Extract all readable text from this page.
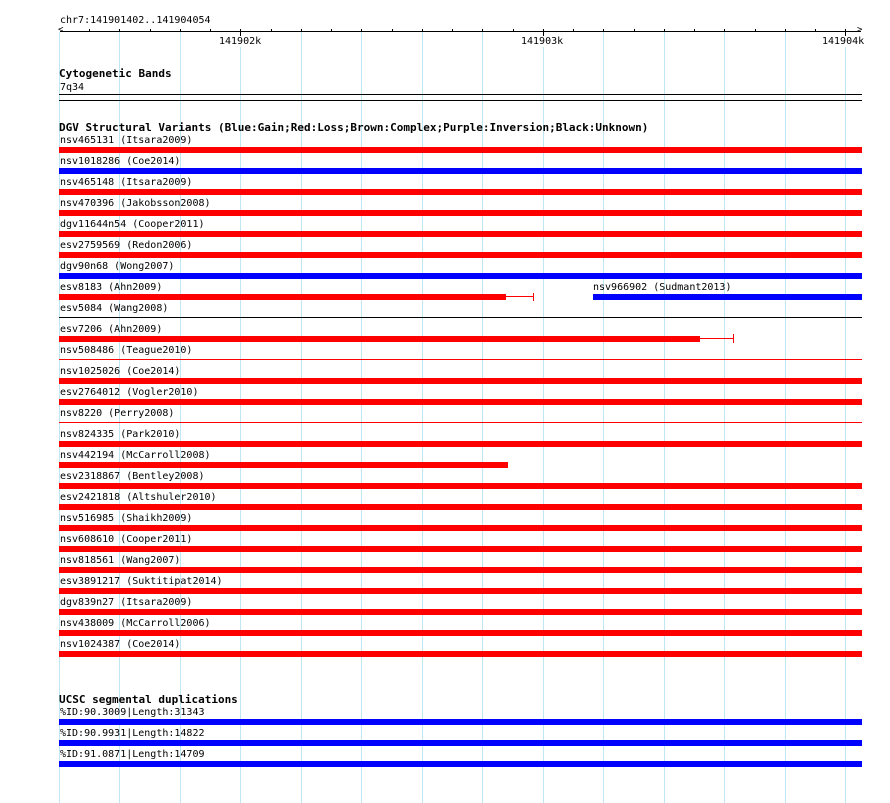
chr7:141901402..141904054
<	>
141902k	141903k	141904k
Cytogenetic Bands
7q34
DGV Structural Variants (Blue:Gain;Red:Loss;Brown:Complex;Purple:Inversion;Black:Unknown)
nsv465131 (Itsara2009)
nsv1018286 (Coe2014)
nsv465148 (Itsara2009)
nsv470396 (Jakobsson2008)
dgv11644n54 (Cooper2011)
esv2759569 (Redon2006)
dgv90n68 (Wong2007)
esv8183 (Ahn2009)	nsv966902 (Sudmant2013)
esv5084 (Wang2008)
esv7206 (Ahn2009)
nsv508486 (Teague2010)
nsv1025026 (Coe2014)
esv2764012 (Vogler2010)
nsv8220 (Perry2008)
nsv824335 (Park2010)
nsv442194 (McCarroll2008)
esv2318867 (Bentley2008)
esv2421818 (Altshuler2010)
nsv516985 (Shaikh2009)
nsv608610 (Cooper2011)
nsv818561 (Wang2007)
esv3891217 (Suktitipat2014)
dgv839n27 (Itsara2009)
nsv438009 (McCarroll2006)
nsv1024387 (Coe2014)
UCSC segmental duplications
%ID:90.3009|Length:31343
%ID:90.9931|Length:14822
%ID:91.0871|Length:14709
